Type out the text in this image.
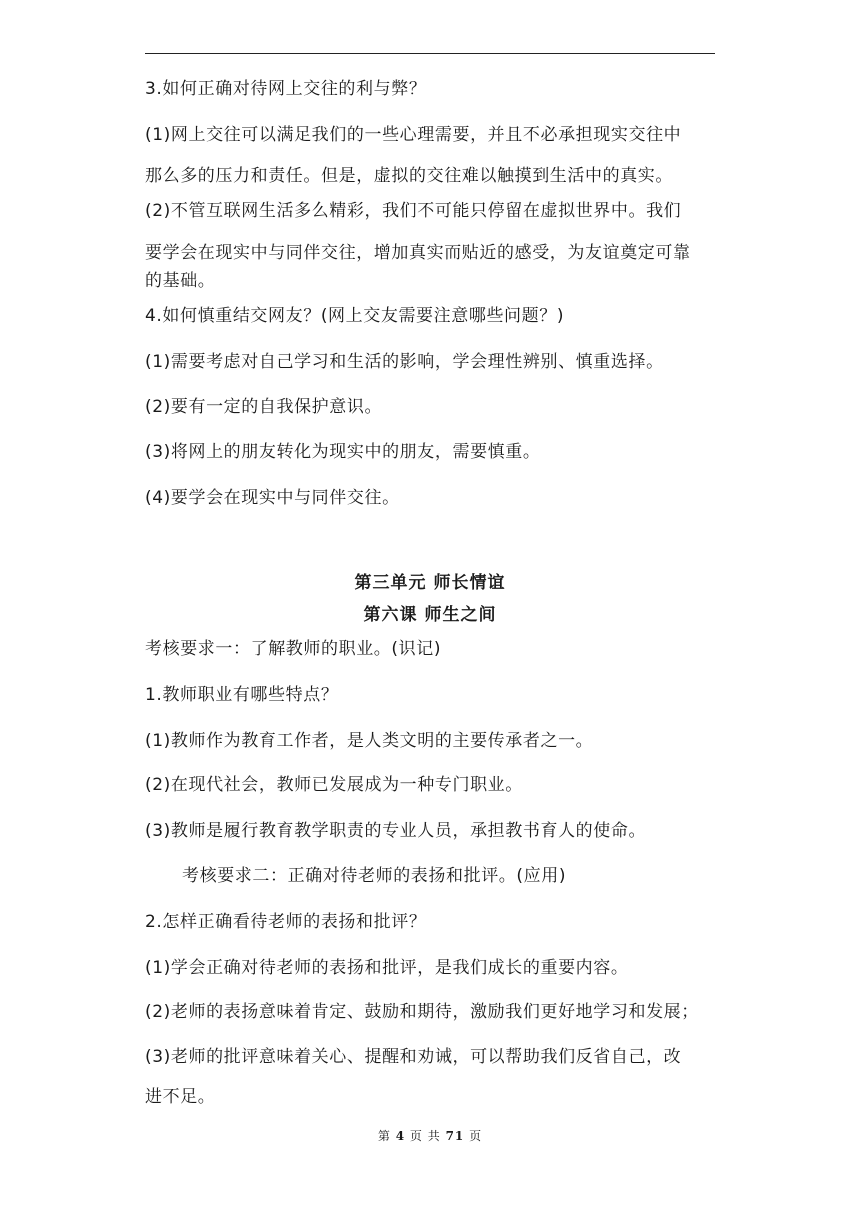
3.如何正确对待网上交往的利与弊？
(1)网上交往可以满足我们的一些心理需要，并且不必承担现实交往中
那么多的压力和责任。但是，虚拟的交往难以触摸到生活中的真实。
(2)不管互联网生活多么精彩，我们不可能只停留在虚拟世界中。我们
要学会在现实中与同伴交往，增加真实而贴近的感受，为友谊奠定可靠
的基础。
4.如何慎重结交网友？(网上交友需要注意哪些问题？)
(1)需要考虑对自己学习和生活的影响，学会理性辨别、慎重选择。
(2)要有一定的自我保护意识。
(3)将网上的朋友转化为现实中的朋友，需要慎重。
(4)要学会在现实中与同伴交往。
第三单元 师长情谊
第六课 师生之间
考核要求一：了解教师的职业。(识记)
1.教师职业有哪些特点？
(1)教师作为教育工作者，是人类文明的主要传承者之一。
(2)在现代社会，教师已发展成为一种专门职业。
(3)教师是履行教育教学职责的专业人员，承担教书育人的使命。
考核要求二：正确对待老师的表扬和批评。(应用)
2.怎样正确看待老师的表扬和批评？
(1)学会正确对待老师的表扬和批评，是我们成长的重要内容。
(2)老师的表扬意味着肯定、鼓励和期待，激励我们更好地学习和发展；
(3)老师的批评意味着关心、提醒和劝诫，可以帮助我们反省自己，改
进不足。
第 4 页 共 71 页
